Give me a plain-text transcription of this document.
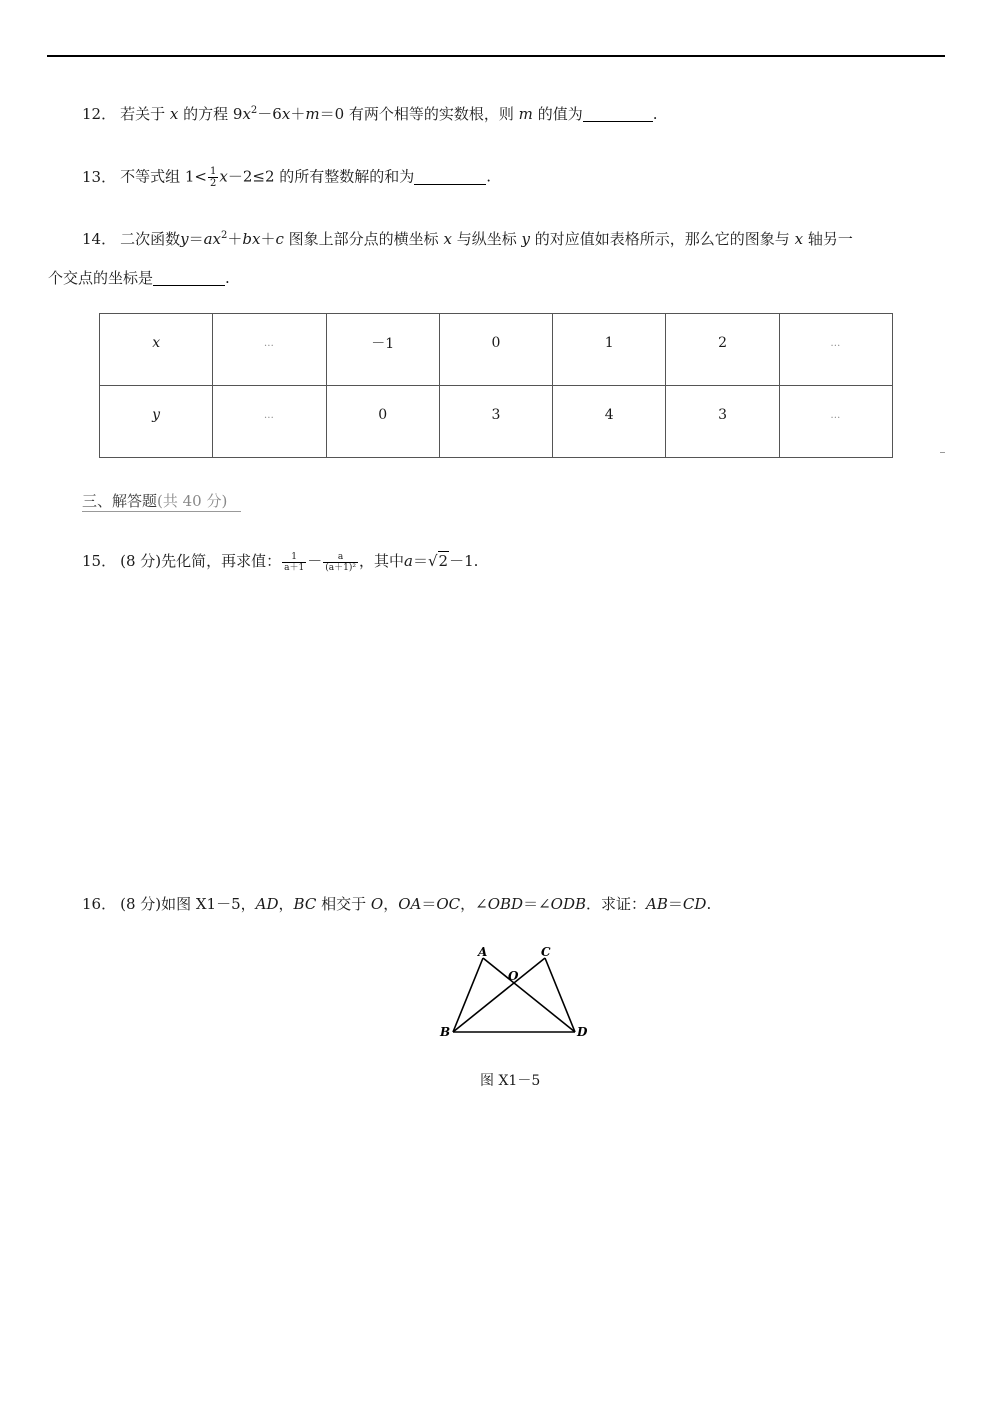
12． 若关于 x 的方程 $9x^2-6x+m=0$ 有两个相等的实数根，则 m 的值为	.
13． 不等式组 $1< \frac{1}{2} x-2\le 2$ 的所有整数解的和为	.
14． 二次函数$y=ax^2+bx+c$ 图象上部分点的横坐标 x 与纵坐标 y 的对应值如表格所示，那么它的图象与 x 轴另一
个交点的坐标是	.
x	…	－1	0	1	2	…
y	…	0	3	4	3	…
三、解答题(共 40 分)
15． (8 分)先化简，再求值： $\frac{1}{a+1} - \frac{a}{\text{(a＋1)²}}$ ，其中a＝√2－1.
16． (8 分)如图 X1－5，AD，BC 相交于 O，OA＝OC，∠OBD＝∠ODB．求证：AB＝CD.
A	C
O
B	D
图 X1－5
